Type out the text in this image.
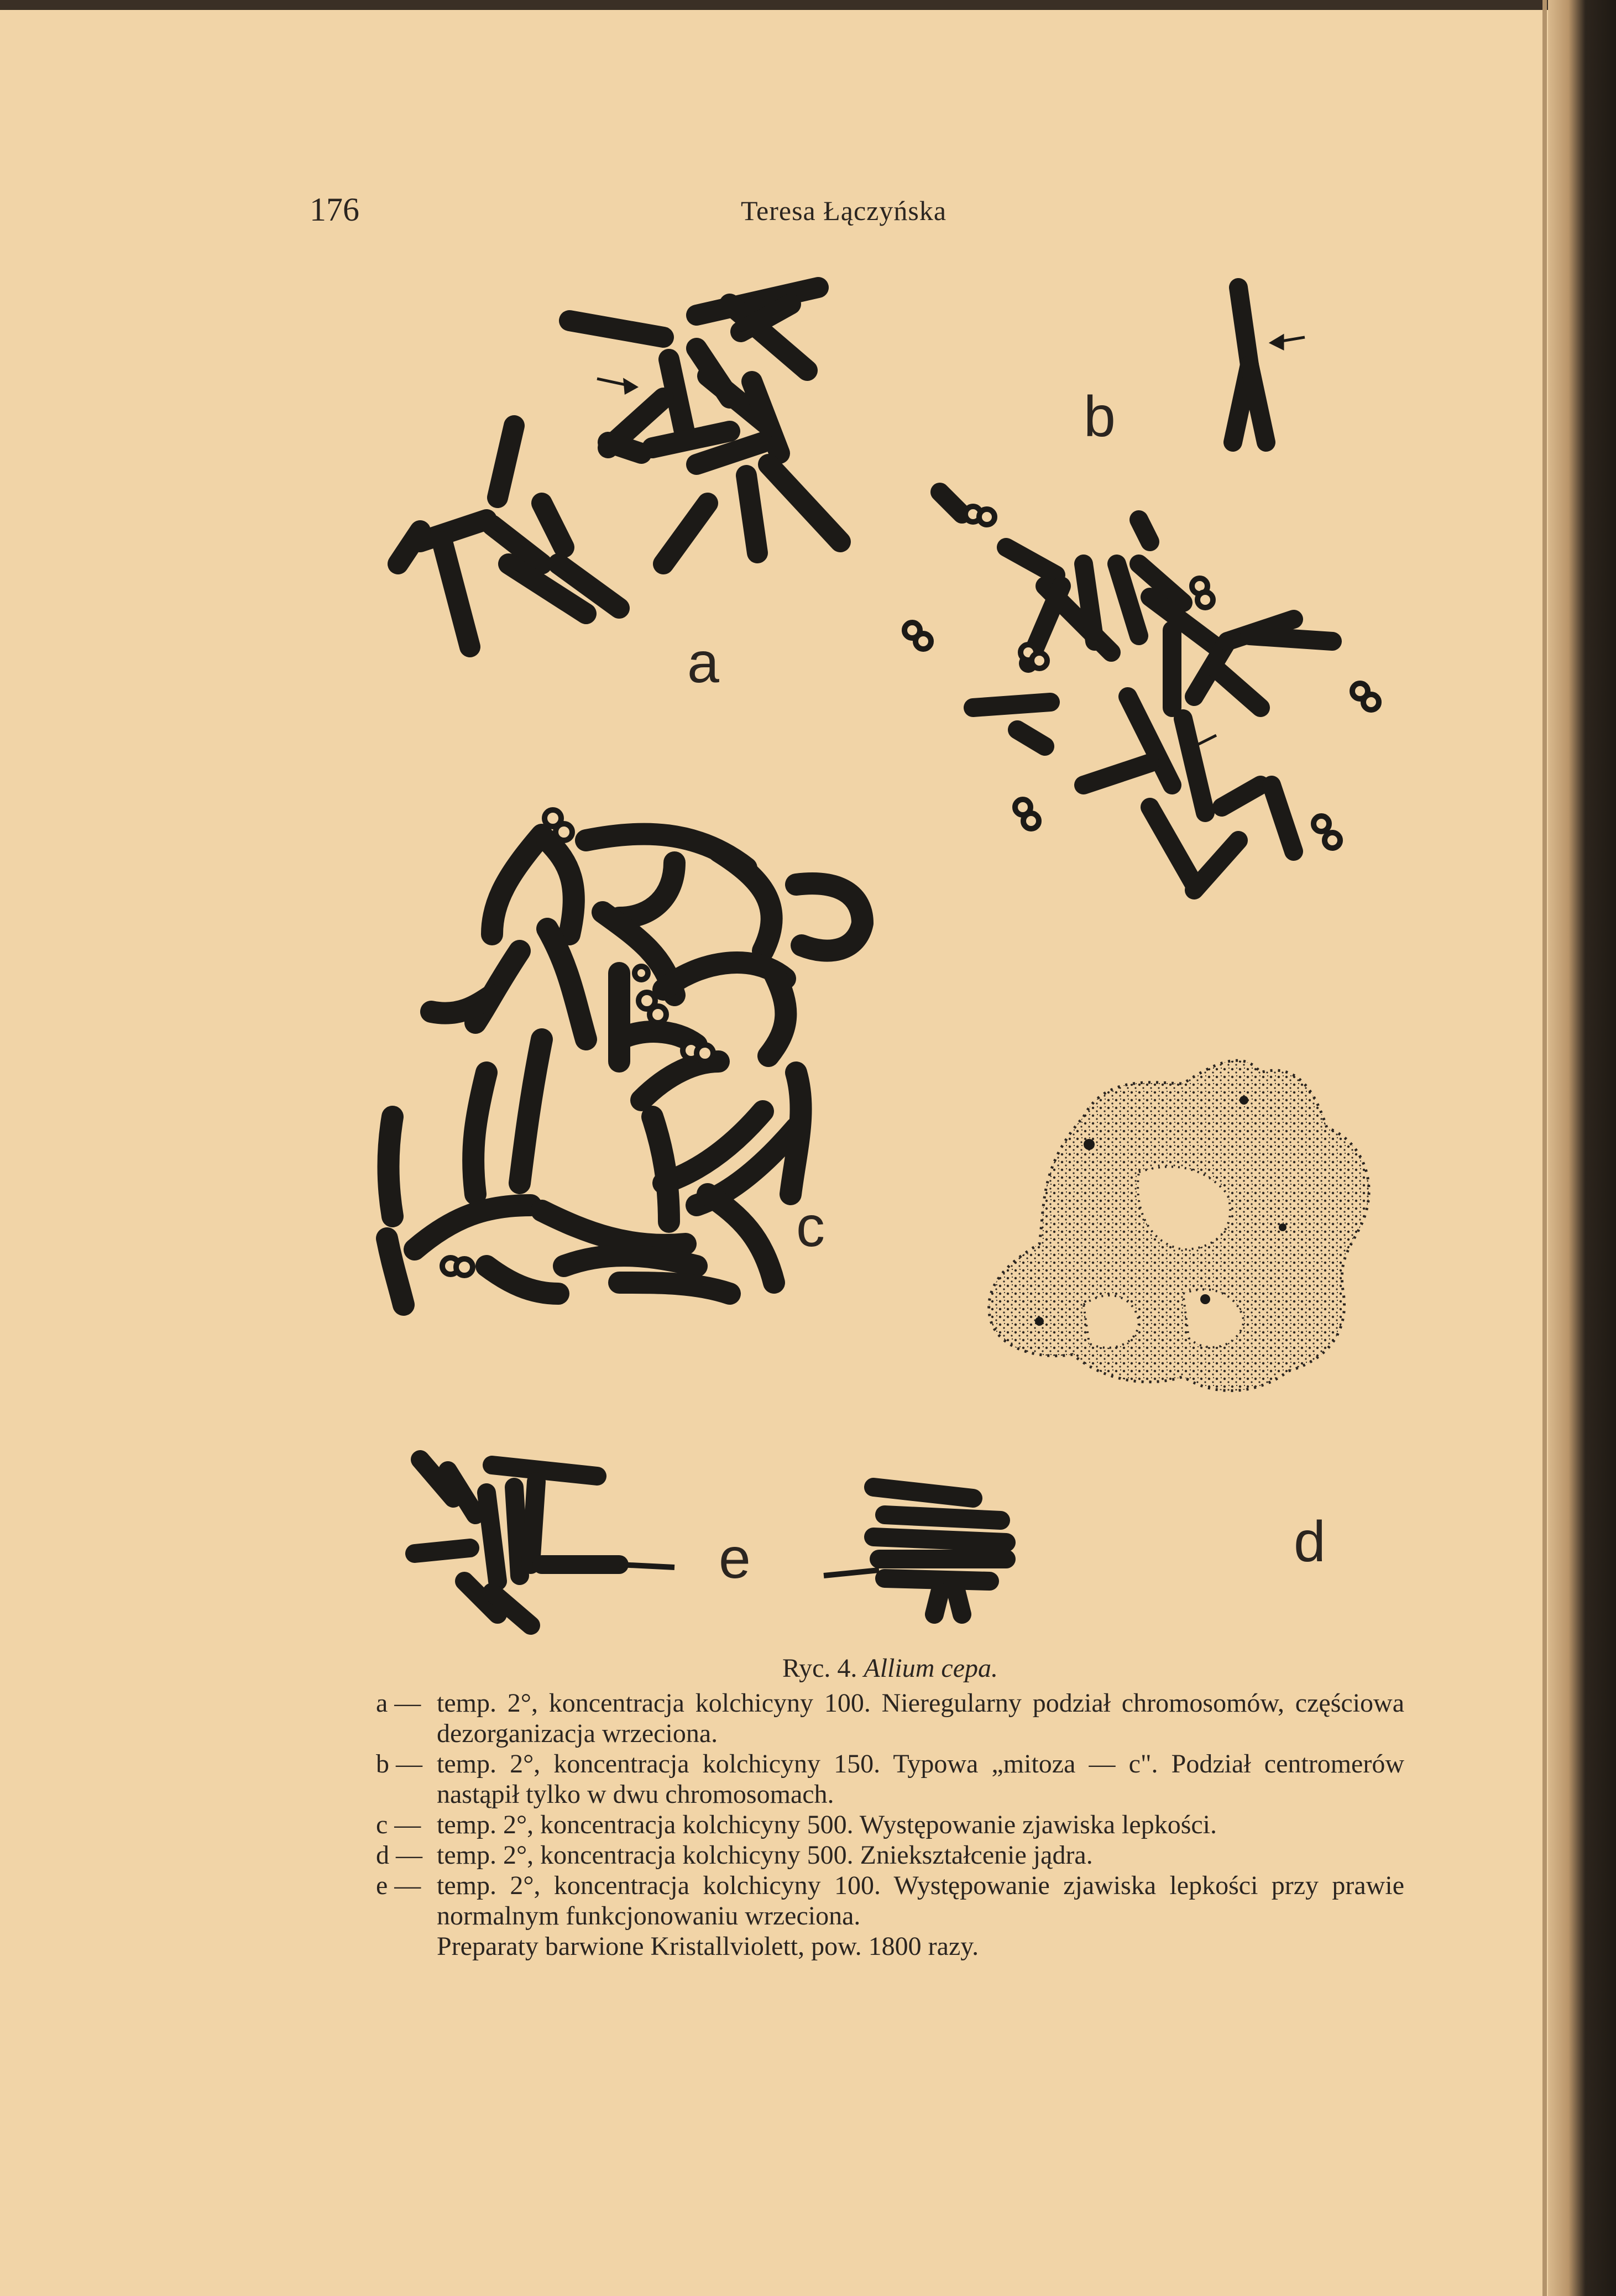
176	Teresa Łączyńska
a
b
c
d
e
Ryc. 4. Allium cepa.
a — temp. 2°, koncentracja kolchicyny 100. Nieregularny podział chromosomów, częściowa dezorganizacja wrzeciona.
b — temp. 2°, koncentracja kolchicyny 150. Typowa „mitoza — c". Podział centromerów nastąpił tylko w dwu chromosomach.
c — temp. 2°, koncentracja kolchicyny 500. Występowanie zjawiska lepkości.
d — temp. 2°, koncentracja kolchicyny 500. Zniekształcenie jądra.
e — temp. 2°, koncentracja kolchicyny 100. Występowanie zjawiska lepkości przy prawie normalnym funkcjonowaniu wrzeciona.
Preparaty barwione Kristallviolett, pow. 1800 razy.
